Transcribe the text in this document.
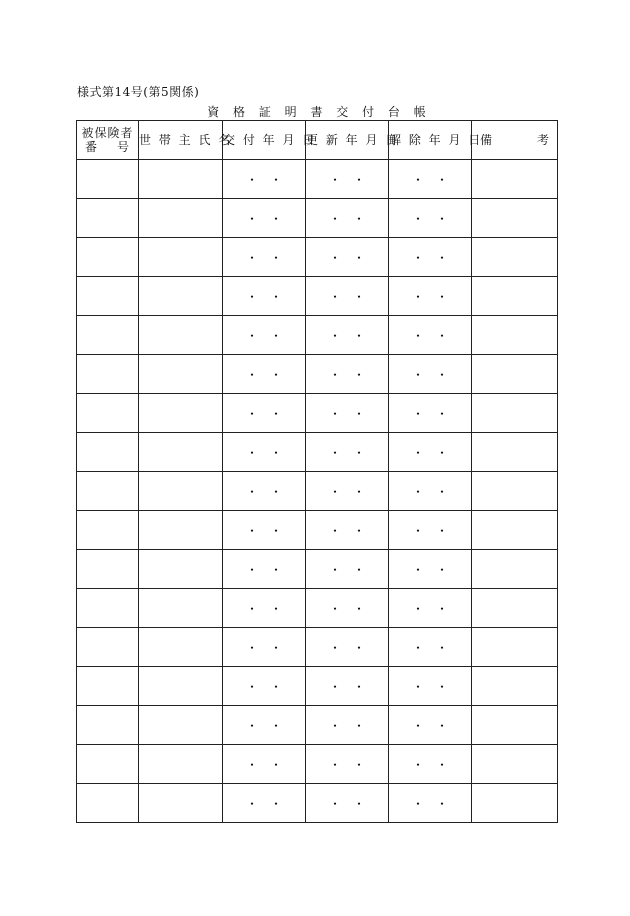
様式第14号(第5関係)
資 格 証 明 書 交 付 台 帳
被保険者
番 号	世 帯 主 氏 名	交 付 年 月 日	更 新 年 月 日	解 除 年 月 日	備 考

		・　・	・　・	・　・	
		・　・	・　・	・　・	
		・　・	・　・	・　・	
		・　・	・　・	・　・	
		・　・	・　・	・　・	
		・　・	・　・	・　・	
		・　・	・　・	・　・	
		・　・	・　・	・　・	
		・　・	・　・	・　・	
		・　・	・　・	・　・	
		・　・	・　・	・　・	
		・　・	・　・	・　・	
		・　・	・　・	・　・	
		・　・	・　・	・　・	
		・　・	・　・	・　・	
		・　・	・　・	・　・	
		・　・	・　・	・　・	
